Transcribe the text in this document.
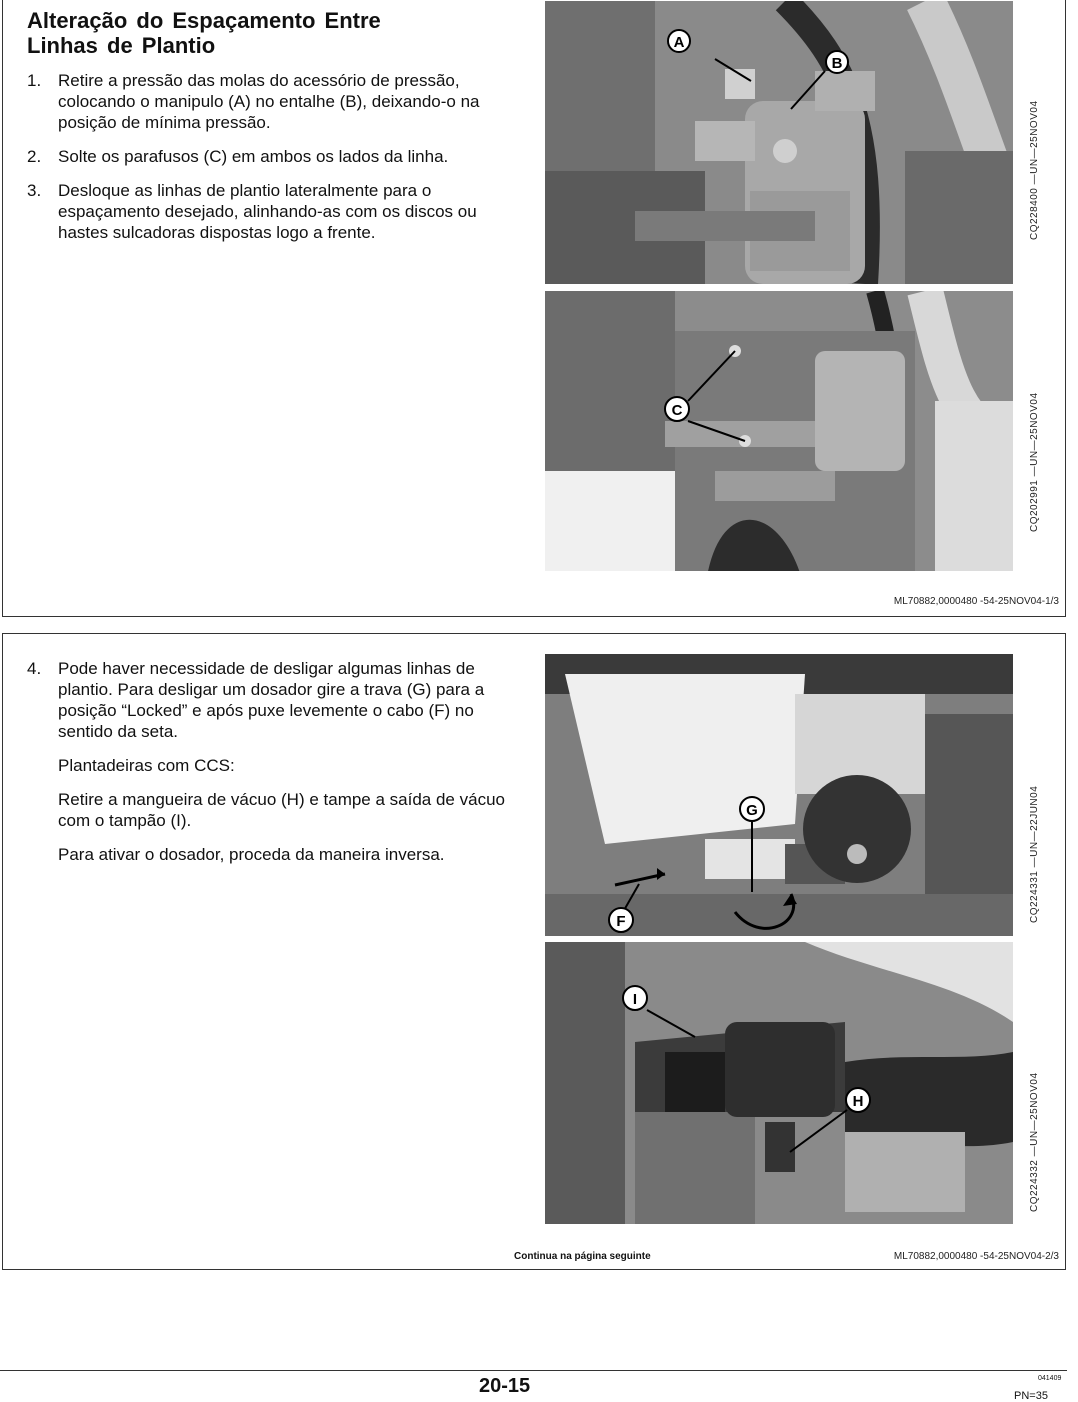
Alteração do Espaçamento Entre
Linhas de Plantio
1. Retire a pressão das molas do acessório de pressão, colocando o manipulo (A) no entalhe (B), deixando-o na posição de mínima pressão.
2. Solte os parafusos (C) em ambos os lados da linha.
3. Desloque as linhas de plantio lateralmente para o espaçamento desejado, alinhando-as com os discos ou hastes sulcadoras dispostas logo a frente.
A
B
CQ228400 —UN—25NOV04
C	CQ202991 —UN—25NOV04
ML70882,0000480 -54-25NOV04-1/3
4. Pode haver necessidade de desligar algumas linhas de plantio. Para desligar um dosador gire a trava (G) para a posição “Locked” e após puxe levemente o cabo (F) no sentido da seta.

Plantadeiras com CCS:

Retire a mangueira de vácuo (H) e tampe a saída de vácuo com o tampão (I).

Para ativar o dosador, proceda da maneira inversa.

G
F	CQ224331 —UN—22JUN04
I
H	CQ224332 —UN—25NOV04
Continua na página seguinte	ML70882,0000480 -54-25NOV04-2/3
20-15	041409
PN=35
